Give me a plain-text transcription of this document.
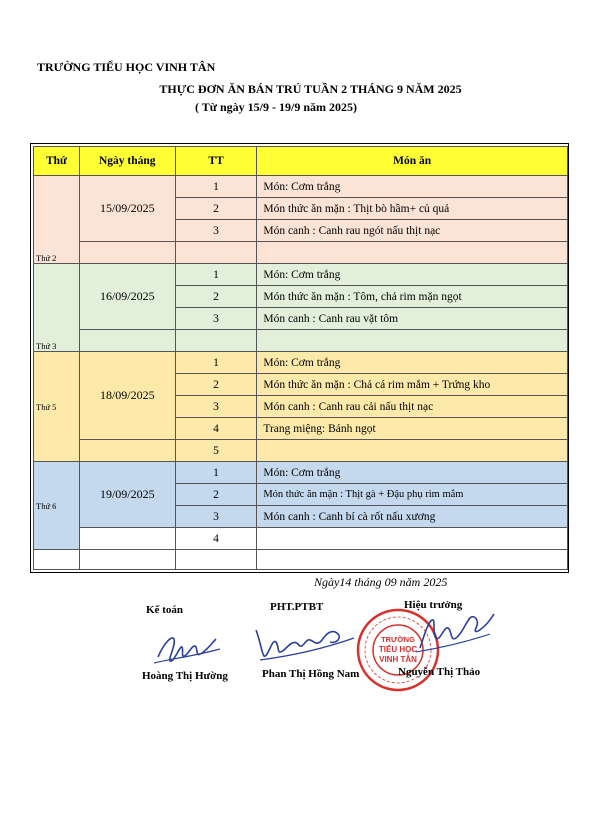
TRƯỜNG TIỂU HỌC VINH TÂN
THỰC ĐƠN ĂN BÁN TRÚ TUẦN 2 THÁNG 9 NĂM 2025
( Từ ngày 15/9 - 19/9 năm 2025)
Thứ	Ngày tháng	TT	Món ăn
Thứ 2	15/09/2025	1	Món: Cơm trắng
		2	Món thức ăn mặn : Thịt bò hầm+ củ quả
		3	Món canh : Canh rau ngót nấu thịt nạc

Thứ 3	16/09/2025	1	Món: Cơm trắng
		2	Món thức ăn mặn : Tôm, chả rim mặn ngọt
		3	Món canh : Canh rau vặt tôm

Thứ 5	18/09/2025	1	Món: Cơm trắng
		2	Món thức ăn mặn : Chả cá rim mắm + Trứng kho
		3	Món canh : Canh rau cải nấu thịt nạc
		4	Trang miệng: Bánh ngọt
		5	
Thứ 6	19/09/2025	1	Món: Cơm trắng
		2	Món thức ăn mặn : Thịt gà + Đậu phụ rim mắm
		3	Món canh : Canh bí cà rốt nấu xương
		4	

Ngày14 tháng 09 năm 2025
Kế toán	PHT.PTBT	Hiệu trưởng
TRƯỜNG
TIỂU HỌC
VINH TÂN
Hoàng Thị Hường	Phan Thị Hồng Nam	Nguyễn Thị Thảo
